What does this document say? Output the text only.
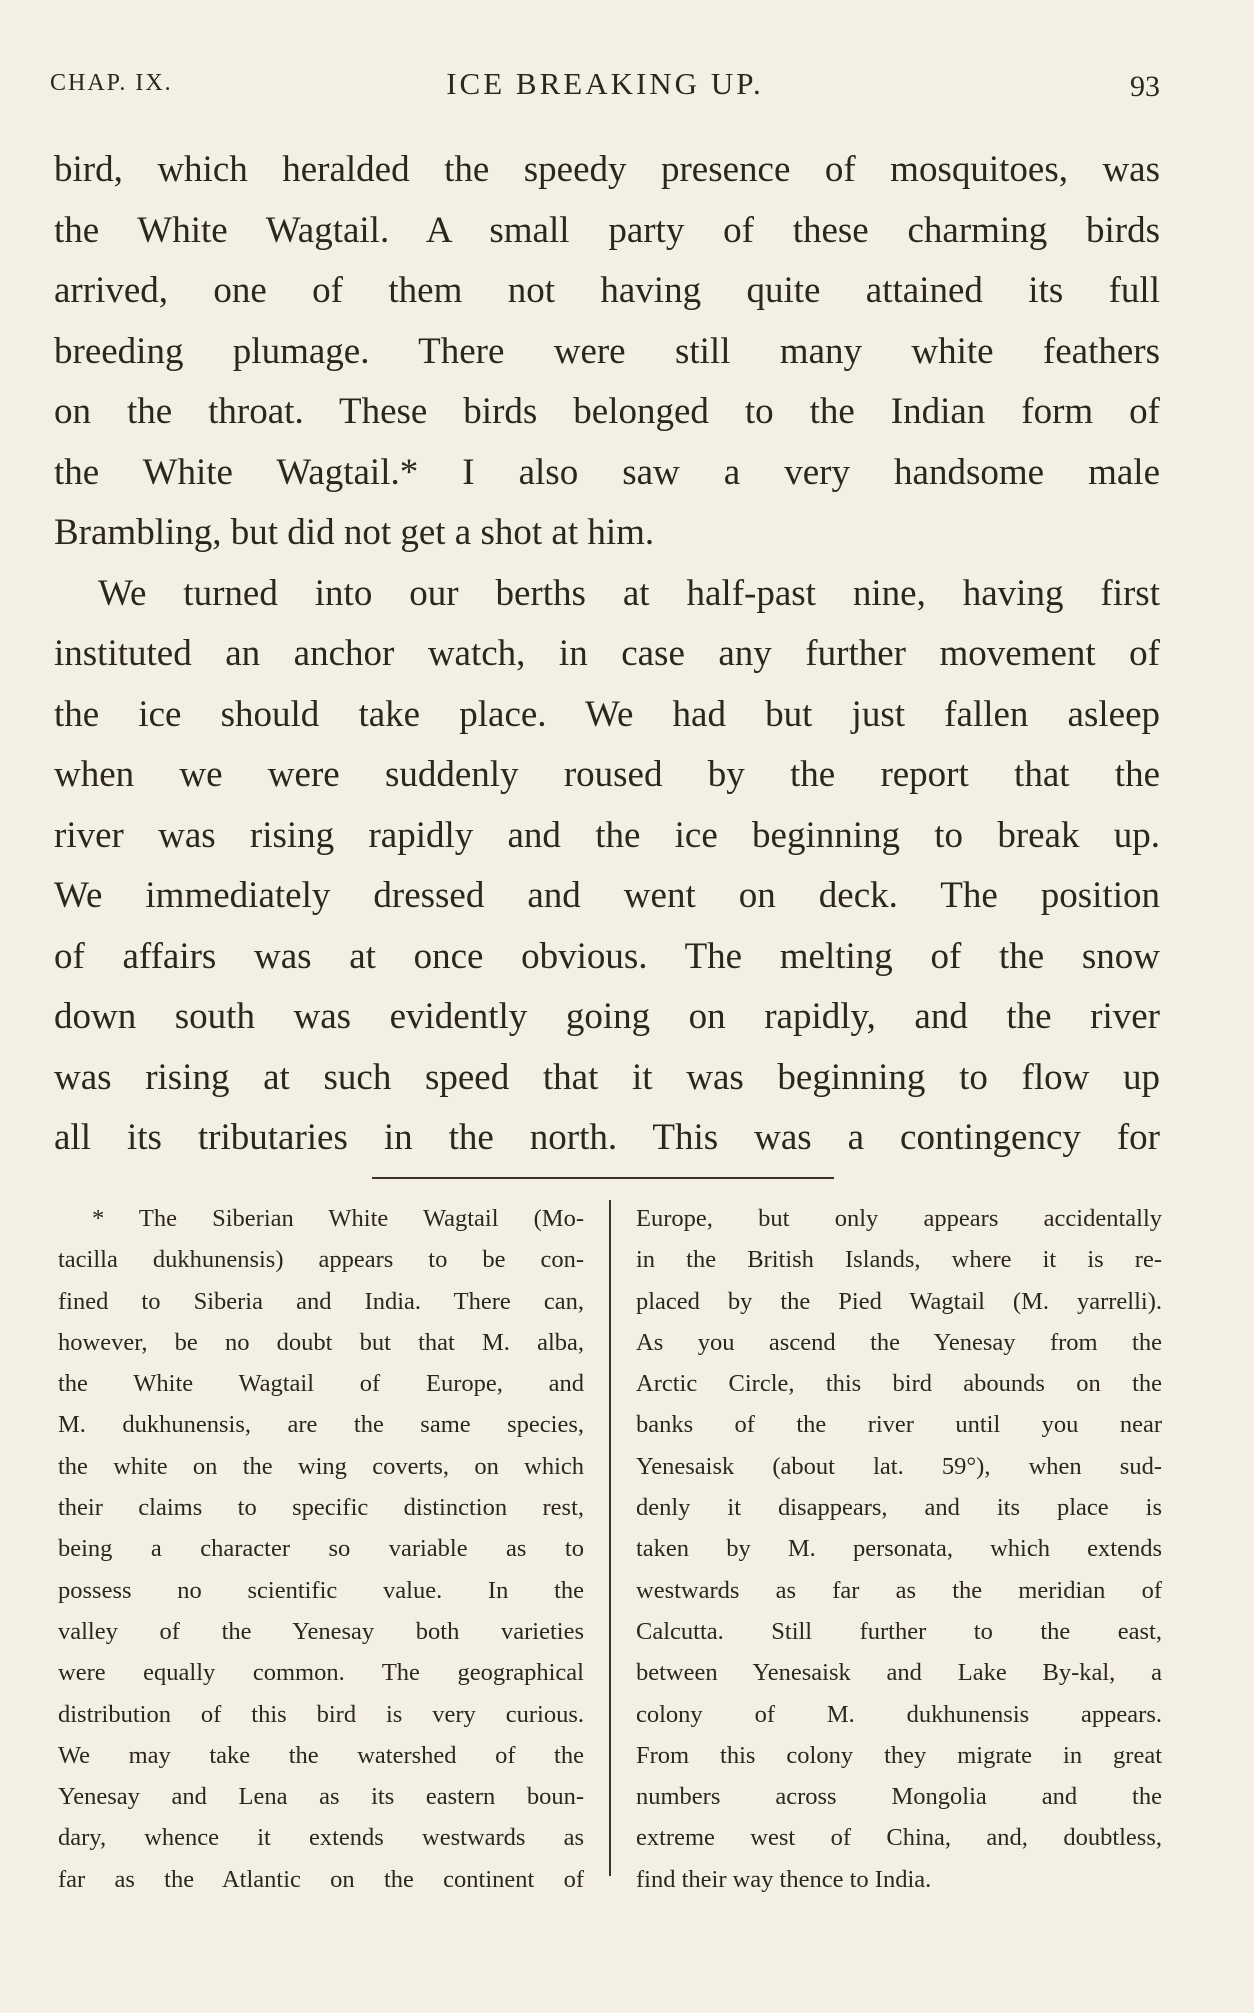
CHAP. IX.	ICE BREAKING UP.	93
bird, which heralded the speedy presence of mosquitoes, was
the White Wagtail. A small party of these charming birds
arrived, one of them not having quite attained its full
breeding plumage. There were still many white feathers
on the throat. These birds belonged to the Indian form of
the White Wagtail.* I also saw a very handsome male
Brambling, but did not get a shot at him.
We turned into our berths at half-past nine, having first
instituted an anchor watch, in case any further movement of
the ice should take place. We had but just fallen asleep
when we were suddenly roused by the report that the
river was rising rapidly and the ice beginning to break up.
We immediately dressed and went on deck. The position
of affairs was at once obvious. The melting of the snow
down south was evidently going on rapidly, and the river
was rising at such speed that it was beginning to flow up
all its tributaries in the north. This was a contingency for
* The Siberian White Wagtail (Mo-
tacilla dukhunensis) appears to be con-
fined to Siberia and India. There can,
however, be no doubt but that M. alba,
the White Wagtail of Europe, and
M. dukhunensis, are the same species,
the white on the wing coverts, on which
their claims to specific distinction rest,
being a character so variable as to
possess no scientific value. In the
valley of the Yenesay both varieties
were equally common. The geographical
distribution of this bird is very curious.
We may take the watershed of the
Yenesay and Lena as its eastern boun-
dary, whence it extends westwards as
far as the Atlantic on the continent of
Europe, but only appears accidentally
in the British Islands, where it is re-
placed by the Pied Wagtail (M. yarrelli).
As you ascend the Yenesay from the
Arctic Circle, this bird abounds on the
banks of the river until you near
Yenesaisk (about lat. 59°), when sud-
denly it disappears, and its place is
taken by M. personata, which extends
westwards as far as the meridian of
Calcutta. Still further to the east,
between Yenesaisk and Lake By-kal, a
colony of M. dukhunensis appears.
From this colony they migrate in great
numbers across Mongolia and the
extreme west of China, and, doubtless,
find their way thence to India.
